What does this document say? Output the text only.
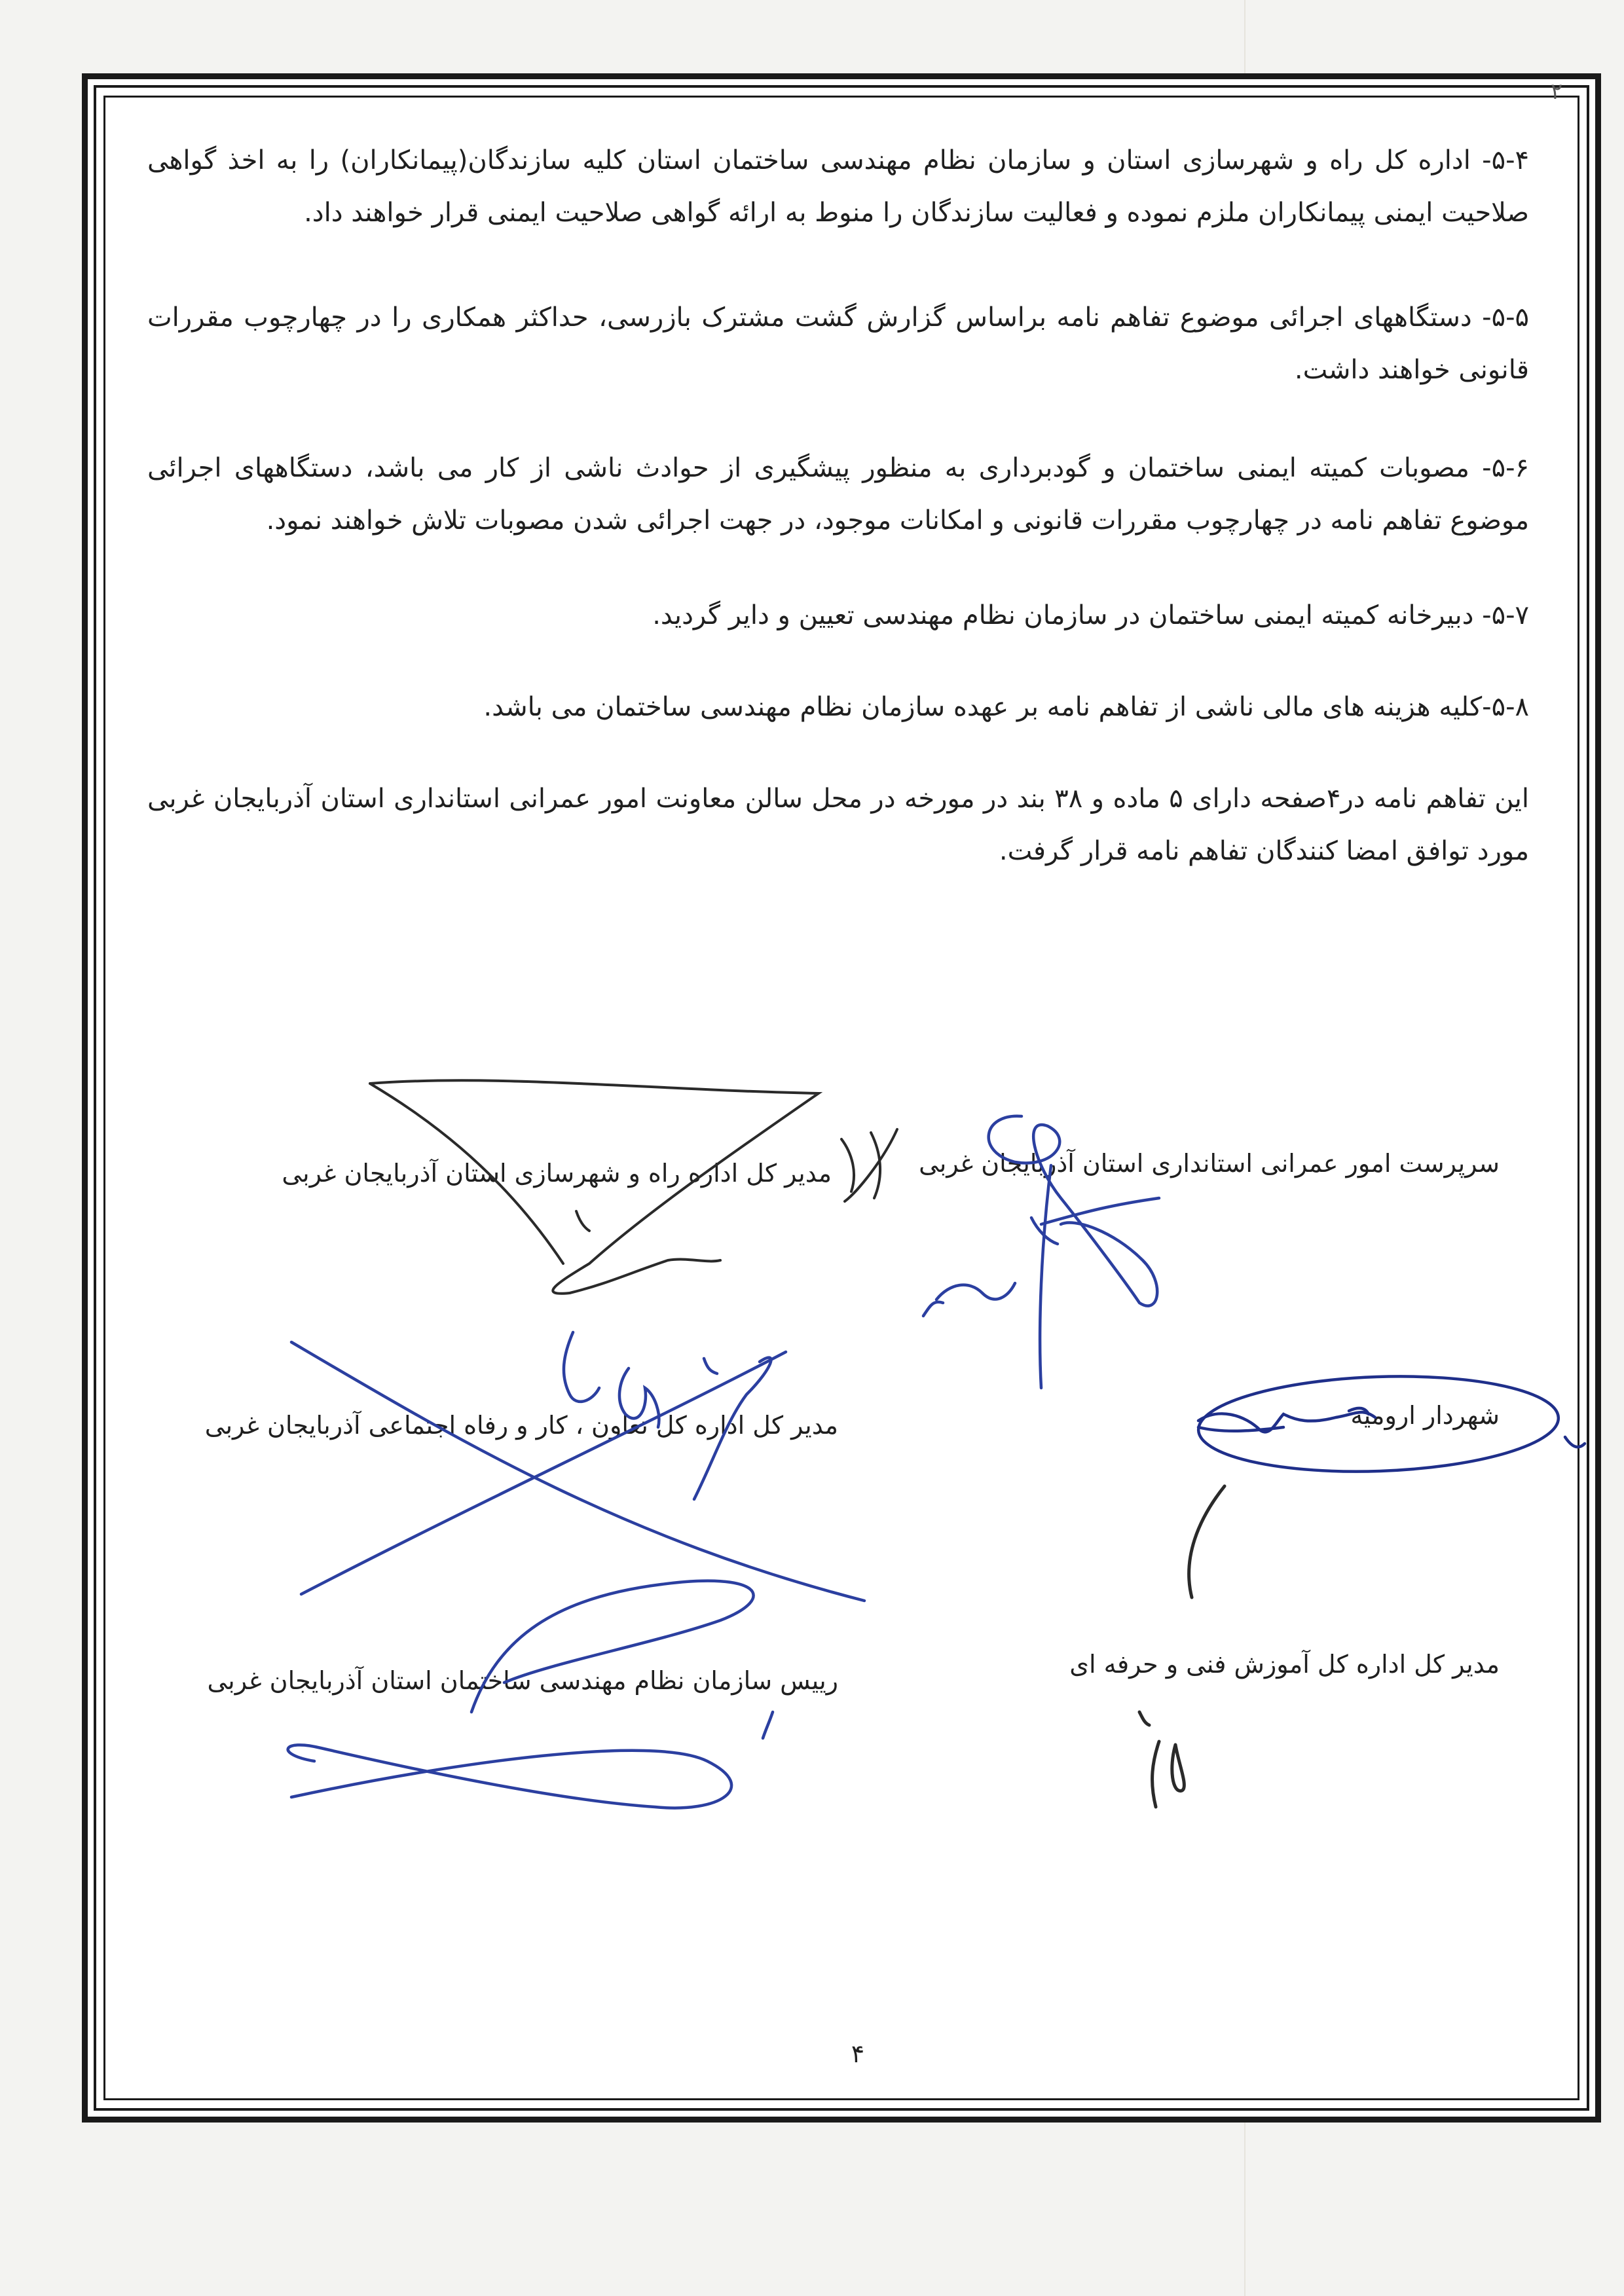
۲
۵-۴- اداره کل راه و شهرسازی استان و سازمان نظام مهندسی ساختمان استان کلیه سازندگان(پیمانکاران) را به اخذ گواهی صلاحیت ایمنی پیمانکاران ملزم نموده و فعالیت سازندگان را منوط به ارائه گواهی صلاحیت ایمنی قرار خواهند داد.
۵-۵- دستگاههای اجرائی موضوع تفاهم نامه براساس گزارش گشت مشترک بازرسی، حداکثر همکاری را در چهارچوب مقررات قانونی خواهند داشت.
۵-۶- مصوبات کمیته ایمنی ساختمان و گودبرداری به منظور پیشگیری از حوادث ناشی از کار می باشد، دستگاههای اجرائی موضوع تفاهم نامه در چهارچوب مقررات قانونی و امکانات موجود، در جهت اجرائی شدن مصوبات تلاش خواهند نمود.
۵-۷- دبیرخانه کمیته ایمنی ساختمان در سازمان نظام مهندسی تعیین و دایر گردید.
۵-۸-کلیه هزینه های مالی ناشی از تفاهم نامه بر عهده سازمان نظام مهندسی ساختمان می باشد.
این تفاهم نامه در۴صفحه دارای ۵ ماده و ۳۸ بند در مورخه در محل سالن معاونت امور عمرانی استانداری استان آذربایجان غربی مورد توافق امضا کنندگان تفاهم نامه قرار گرفت.
سرپرست امور عمرانی استانداری استان آذربایجان غربی
مدیر کل اداره راه و شهرسازی استان آذربایجان غربی
شهردار ارومیه
مدیر کل اداره کل تعاون ، کار و رفاه اجتماعی آذربایجان غربی
مدیر کل اداره کل آموزش فنی و حرفه ای
رییس سازمان نظام مهندسی ساختمان استان آذربایجان غربی
۴
